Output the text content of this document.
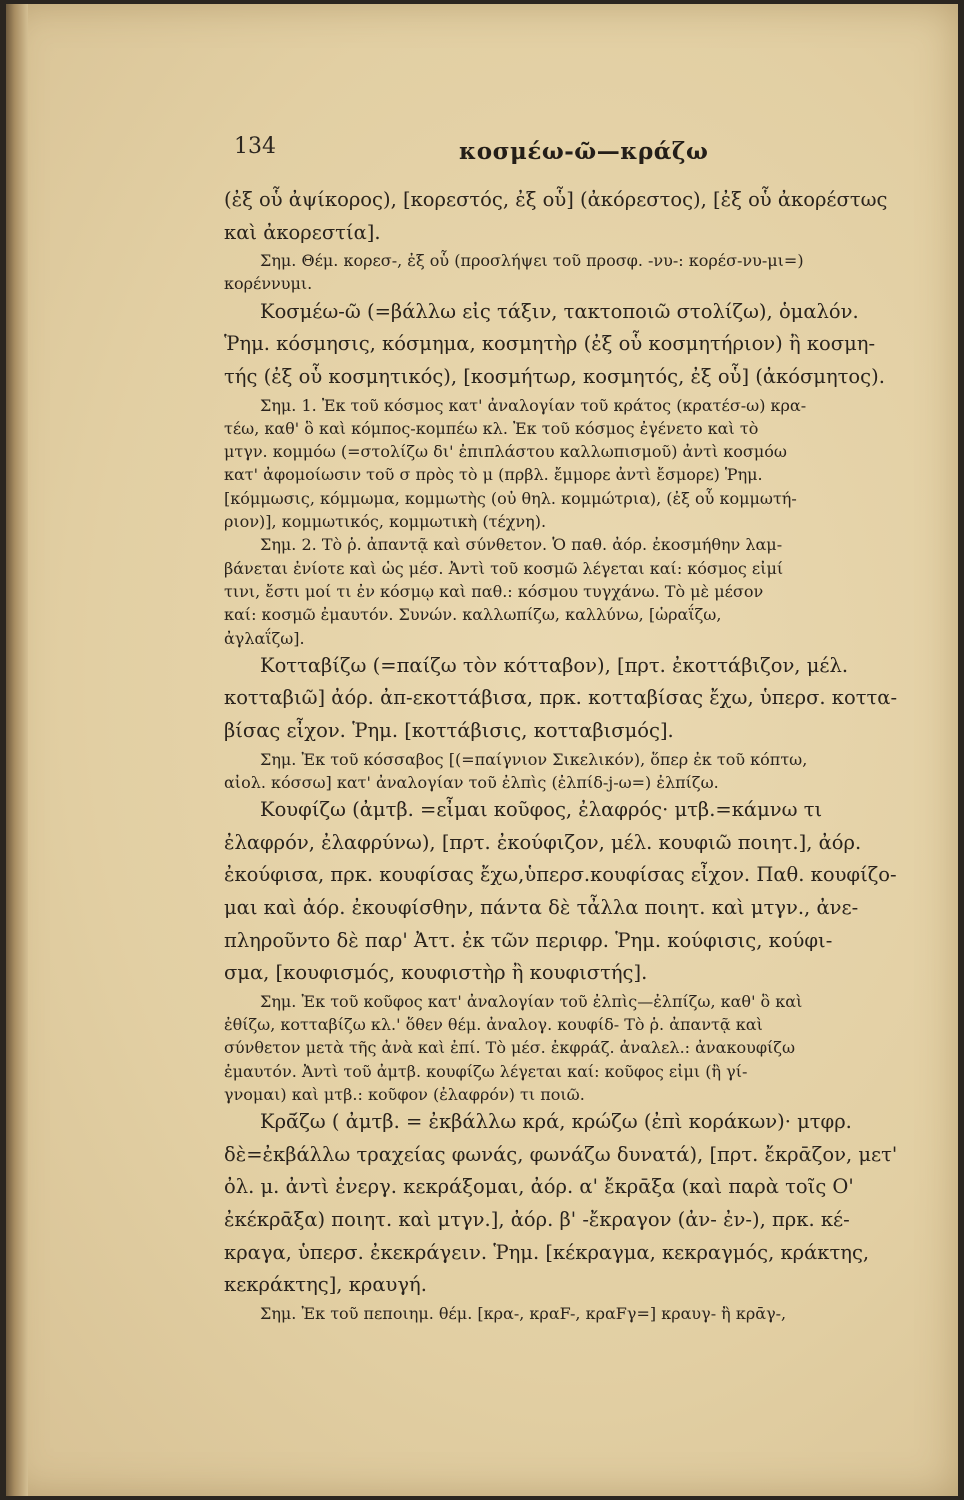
134	κοσμέω-ῶ—κράζω
(ἐξ οὗ ἀψίκορος), [κορεστός, ἐξ οὗ] (ἀκόρεστος), [ἐξ οὗ ἀκορέστως
καὶ ἀκορεστία].
Σημ. Θέμ. κορεσ-, ἐξ οὗ (προσλήψει τοῦ προσφ. -νυ-: κορέσ-νυ-μι=)
κορέννυμι.
Κοσμέω-ῶ (=βάλλω εἰς τάξιν, τακτοποιῶ στολίζω), ὁμαλόν.
Ῥημ. κόσμησις, κόσμημα, κοσμητὴρ (ἐξ οὗ κοσμητήριον) ἢ κοσμη-
τής (ἐξ οὗ κοσμητικός), [κοσμήτωρ, κοσμητός, ἐξ οὗ] (ἀκόσμητος).
Σημ. 1. Ἐκ τοῦ κόσμος κατ' ἀναλογίαν τοῦ κράτος (κρατέσ-ω) κρα-
τέω, καθ' ὃ καὶ κόμπος-κομπέω κλ. Ἐκ τοῦ κόσμος ἐγένετο καὶ τὸ
μτγν. κομμόω (=στολίζω δι' ἐπιπλάστου καλλωπισμοῦ) ἀντὶ κοσμόω
κατ' ἀφομοίωσιν τοῦ σ πρὸς τὸ μ (πρβλ. ἔμμορε ἀντὶ ἔσμορε) Ῥημ.
[κόμμωσις, κόμμωμα, κομμωτὴς (οὐ θηλ. κομμώτρια), (ἐξ οὗ κομμωτή-
ριον)], κομμωτικός, κομμωτικὴ (τέχνη).
Σημ. 2. Τὸ ῥ. ἀπαντᾷ καὶ σύνθετον. Ὁ παθ. ἀόρ. ἐκοσμήθην λαμ-
βάνεται ἐνίοτε καὶ ὡς μέσ. Ἀντὶ τοῦ κοσμῶ λέγεται καί: κόσμος εἰμί
τινι, ἔστι μοί τι ἐν κόσμῳ καὶ παθ.: κόσμου τυγχάνω. Τὸ μὲ μέσον
καί: κοσμῶ ἐμαυτόν. Συνών. καλλωπίζω, καλλύνω, [ὡραΐζω,
ἀγλαΐζω].
Κοτταβίζω (=παίζω τὸν κότταβον), [πρτ. ἐκοττάβιζον, μέλ.
κοτταβιῶ] ἀόρ. ἀπ-εκοττάβισα, πρκ. κοτταβίσας ἔχω, ὑπερσ. κοττα-
βίσας εἶχον. Ῥημ. [κοττάβισις, κοτταβισμός].
Σημ. Ἐκ τοῦ κόσσαβος [(=παίγνιον Σικελικόν), ὅπερ ἐκ τοῦ κόπτω,
αἰολ. κόσσω] κατ' ἀναλογίαν τοῦ ἐλπὶς (ἐλπίδ-j-ω=) ἐλπίζω.
Κουφίζω (ἀμτβ. =εἶμαι κοῦφος, ἐλαφρός· μτβ.=κάμνω τι
ἐλαφρόν, ἐλαφρύνω), [πρτ. ἐκούφιζον, μέλ. κουφιῶ ποιητ.], ἀόρ.
ἐκούφισα, πρκ. κουφίσας ἔχω,ὑπερσ.κουφίσας εἶχον. Παθ. κουφίζο-
μαι καὶ ἀόρ. ἐκουφίσθην, πάντα δὲ τἆλλα ποιητ. καὶ μτγν., ἀνε-
πληροῦντο δὲ παρ' Ἀττ. ἐκ τῶν περιφρ. Ῥημ. κούφισις, κούφι-
σμα, [κουφισμός, κουφιστὴρ ἢ κουφιστής].
Σημ. Ἐκ τοῦ κοῦφος κατ' ἀναλογίαν τοῦ ἐλπὶς—ἐλπίζω, καθ' ὃ καὶ
ἐθίζω, κοτταβίζω κλ.' ὅθεν θέμ. ἀναλογ. κουφίδ- Τὸ ῥ. ἀπαντᾷ καὶ
σύνθετον μετὰ τῆς ἀνὰ καὶ ἐπί. Τὸ μέσ. ἐκφράζ. ἀναλελ.: ἀνακουφίζω
ἐμαυτόν. Ἀντὶ τοῦ ἀμτβ. κουφίζω λέγεται καί: κοῦφος εἰμι (ἢ γί-
γνομαι) καὶ μτβ.: κοῦφον (ἐλαφρόν) τι ποιῶ.
Κρᾱ́ζω ( ἀμτβ. = ἐκβάλλω κρά, κρώζω (ἐπὶ κοράκων)· μτφρ.
δὲ=ἐκβάλλω τραχείας φωνάς, φωνάζω δυνατά), [πρτ. ἔκρᾱζον, μετ'
ὀλ. μ. ἀντὶ ἐνεργ. κεκράξομαι, ἀόρ. α' ἔκρᾱξα (καὶ παρὰ τοῖς Ο'
ἐκέκρᾱξα) ποιητ. καὶ μτγν.], ἀόρ. β' -ἔκραγον (ἀν- ἐν-), πρκ. κέ-
κραγα, ὑπερσ. ἐκεκράγειν. Ῥημ. [κέκραγμα, κεκραγμός, κράκτης,
κεκράκτης], κραυγή.
Σημ. Ἐκ τοῦ πεποιημ. θέμ. [κρα-, κραF-, κραFγ=] κραυγ- ἢ κρᾱγ-,
